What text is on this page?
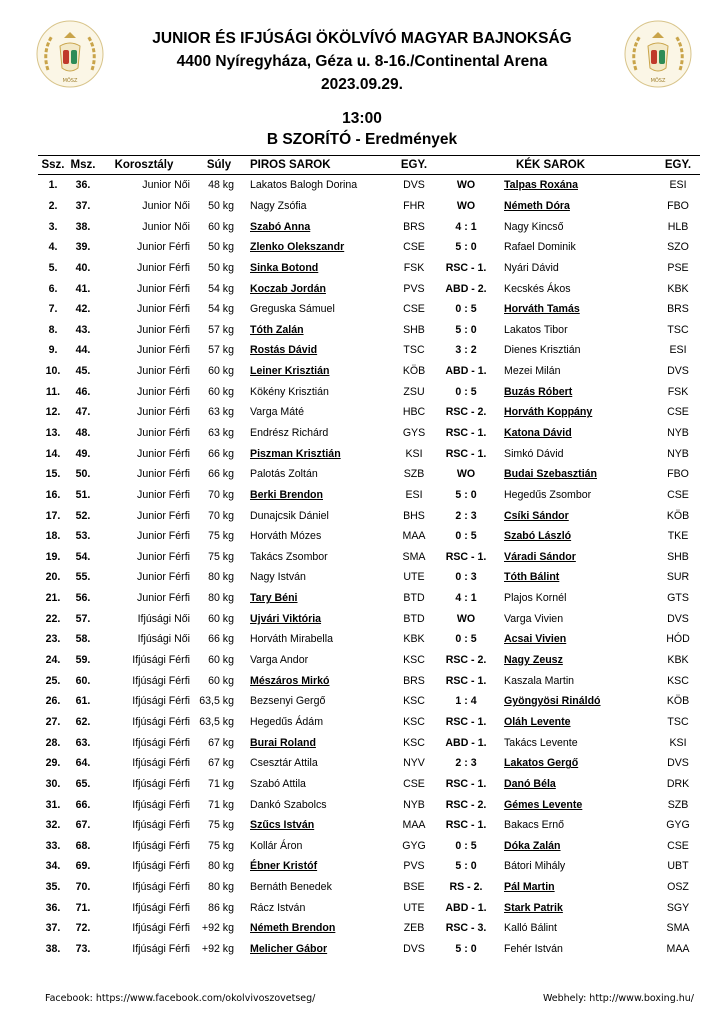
MÖSZ	MÖSZ
JUNIOR ÉS IFJÚSÁGI ÖKÖLVÍVÓ MAGYAR BAJNOKSÁG
4400 Nyíregyháza, Géza u. 8-16./Continental Arena
2023.09.29.
13:00
B SZORÍTÓ - Eredmények
Ssz.	Msz.	Korosztály	Súly	PIROS SAROK	EGY.		KÉK SAROK	EGY.
1.	36.	Junior Női	48 kg	Lakatos Balogh Dorina	DVS	WO	Talpas Roxána	ESI
2.	37.	Junior Női	50 kg	Nagy Zsófia	FHR	WO	Németh Dóra	FBO
3.	38.	Junior Női	60 kg	Szabó Anna	BRS	4 : 1	Nagy Kincső	HLB
4.	39.	Junior Férfi	50 kg	Zlenko Olekszandr	CSE	5 : 0	Rafael Dominik	SZO
5.	40.	Junior Férfi	50 kg	Sinka Botond	FSK	RSC - 1.	Nyári Dávid	PSE
6.	41.	Junior Férfi	54 kg	Koczab Jordán	PVS	ABD - 2.	Kecskés Ákos	KBK
7.	42.	Junior Férfi	54 kg	Greguska Sámuel	CSE	0 : 5	Horváth Tamás	BRS
8.	43.	Junior Férfi	57 kg	Tóth Zalán	SHB	5 : 0	Lakatos Tibor	TSC
9.	44.	Junior Férfi	57 kg	Rostás Dávid	TSC	3 : 2	Dienes Krisztián	ESI
10.	45.	Junior Férfi	60 kg	Leiner Krisztián	KÖB	ABD - 1.	Mezei Milán	DVS
11.	46.	Junior Férfi	60 kg	Kökény Krisztián	ZSU	0 : 5	Buzás Róbert	FSK
12.	47.	Junior Férfi	63 kg	Varga Máté	HBC	RSC - 2.	Horváth Koppány	CSE
13.	48.	Junior Férfi	63 kg	Endrész Richárd	GYS	RSC - 1.	Katona Dávid	NYB
14.	49.	Junior Férfi	66 kg	Piszman Krisztián	KSI	RSC - 1.	Simkó Dávid	NYB
15.	50.	Junior Férfi	66 kg	Palotás Zoltán	SZB	WO	Budai Szebasztián	FBO
16.	51.	Junior Férfi	70 kg	Berki Brendon	ESI	5 : 0	Hegedűs Zsombor	CSE
17.	52.	Junior Férfi	70 kg	Dunajcsik Dániel	BHS	2 : 3	Csíki Sándor	KÖB
18.	53.	Junior Férfi	75 kg	Horváth Mózes	MAA	0 : 5	Szabó László	TKE
19.	54.	Junior Férfi	75 kg	Takács Zsombor	SMA	RSC - 1.	Váradi Sándor	SHB
20.	55.	Junior Férfi	80 kg	Nagy István	UTE	0 : 3	Tóth Bálint	SUR
21.	56.	Junior Férfi	80 kg	Tary Béni	BTD	4 : 1	Plajos Kornél	GTS
22.	57.	Ifjúsági Női	60 kg	Ujvári Viktória	BTD	WO	Varga Vivien	DVS
23.	58.	Ifjúsági Női	66 kg	Horváth Mirabella	KBK	0 : 5	Acsai Vivien	HÓD
24.	59.	Ifjúsági Férfi	60 kg	Varga Andor	KSC	RSC - 2.	Nagy Zeusz	KBK
25.	60.	Ifjúsági Férfi	60 kg	Mészáros Mirkó	BRS	RSC - 1.	Kaszala Martin	KSC
26.	61.	Ifjúsági Férfi	63,5 kg	Bezsenyi Gergő	KSC	1 : 4	Gyöngyösi Rináldó	KÖB
27.	62.	Ifjúsági Férfi	63,5 kg	Hegedűs Ádám	KSC	RSC - 1.	Oláh Levente	TSC
28.	63.	Ifjúsági Férfi	67 kg	Burai Roland	KSC	ABD - 1.	Takács Levente	KSI
29.	64.	Ifjúsági Férfi	67 kg	Csesztár Attila	NYV	2 : 3	Lakatos Gergő	DVS
30.	65.	Ifjúsági Férfi	71 kg	Szabó Attila	CSE	RSC - 1.	Danó Béla	DRK
31.	66.	Ifjúsági Férfi	71 kg	Dankó Szabolcs	NYB	RSC - 2.	Gémes Levente	SZB
32.	67.	Ifjúsági Férfi	75 kg	Szűcs István	MAA	RSC - 1.	Bakacs Ernő	GYG
33.	68.	Ifjúsági Férfi	75 kg	Kollár Áron	GYG	0 : 5	Dóka Zalán	CSE
34.	69.	Ifjúsági Férfi	80 kg	Ébner Kristóf	PVS	5 : 0	Bátori Mihály	UBT
35.	70.	Ifjúsági Férfi	80 kg	Bernáth Benedek	BSE	RS - 2.	Pál Martin	OSZ
36.	71.	Ifjúsági Férfi	86 kg	Rácz István	UTE	ABD - 1.	Stark Patrik	SGY
37.	72.	Ifjúsági Férfi	+92 kg	Németh Brendon	ZEB	RSC - 3.	Kalló Bálint	SMA
38.	73.	Ifjúsági Férfi	+92 kg	Melicher Gábor	DVS	5 : 0	Fehér István	MAA
Facebook: https://www.facebook.com/okolvivoszovetseg/	Webhely: http://www.boxing.hu/
